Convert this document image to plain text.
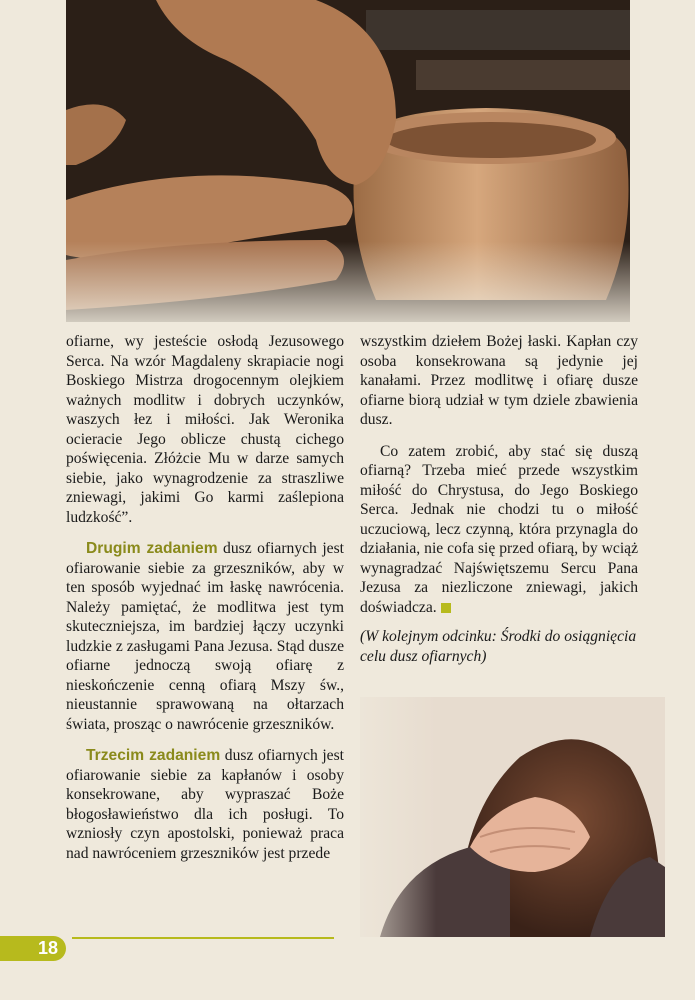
ofiarne, wy jesteście osłodą Jezusowego Serca. Na wzór Magdaleny skrapiacie nogi Boskiego Mistrza drogocennym olejkiem ważnych modlitw i dobrych uczynków, waszych łez i miłości. Jak Weronika ocieracie Jego oblicze chustą cichego poświęcenia. Złóżcie Mu w darze samych siebie, jako wynagrodzenie za straszliwe zniewagi, jakimi Go karmi zaślepiona ludzkość”.

Drugim zadaniem dusz ofiarnych jest ofiarowanie siebie za grzeszników, aby w ten sposób wyjednać im łaskę nawrócenia. Należy pamiętać, że modlitwa jest tym skuteczniejsza, im bardziej łączy uczynki ludzkie z zasługami Pana Jezusa. Stąd dusze ofiarne jednoczą swoją ofiarę z nieskończenie cenną ofiarą Mszy św., nieustannie sprawowaną na ołtarzach świata, prosząc o nawrócenie grzeszników.

Trzecim zadaniem dusz ofiarnych jest ofiarowanie siebie za kapłanów i osoby konsekrowane, aby wypraszać Boże błogosławieństwo dla ich posługi. To wzniosły czyn apostolski, ponieważ praca nad nawróceniem grzeszników jest przede

wszystkim dziełem Bożej łaski. Kapłan czy osoba konsekrowana są jedynie jej kanałami. Przez modlitwę i ofiarę dusze ofiarne biorą udział w tym dziele zbawienia dusz.

Co zatem zrobić, aby stać się duszą ofiarną? Trzeba mieć przede wszystkim miłość do Chrystusa, do Jego Boskiego Serca. Jednak nie chodzi tu o miłość uczuciową, lecz czynną, która przynagla do działania, nie cofa się przed ofiarą, by wciąż wynagradzać Najświętszemu Sercu Pana Jezusa za niezliczone zniewagi, jakich doświadcza.

(W kolejnym odcinku: Środki do osiągnięcia celu dusz ofiarnych)

18
